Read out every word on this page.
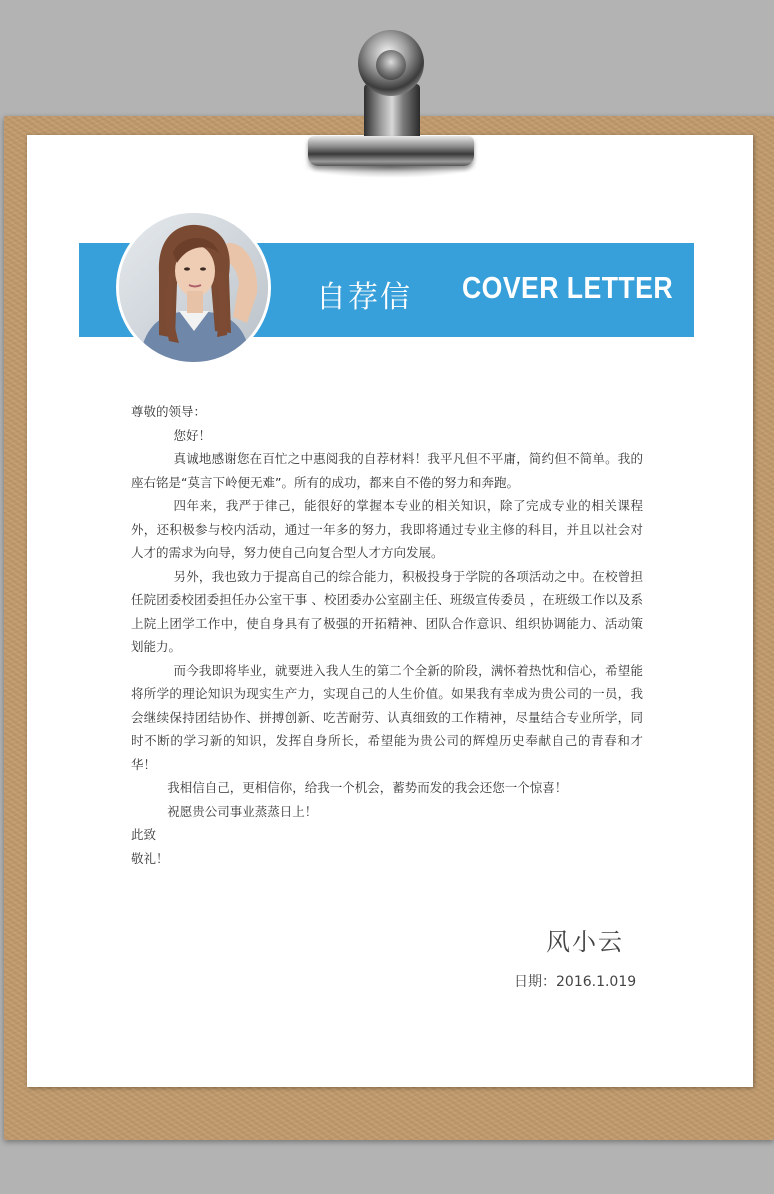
自荐信 COVER LETTER

尊敬的领导：

您好！

真诚地感谢您在百忙之中惠阅我的自荐材料！我平凡但不平庸，简约但不简单。我的座右铭是“莫言下岭便无难”。所有的成功，都来自不倦的努力和奔跑。

四年来，我严于律己，能很好的掌握本专业的相关知识，除了完成专业的相关课程外，还积极参与校内活动，通过一年多的努力，我即将通过专业主修的科目，并且以社会对人才的需求为向导，努力使自己向复合型人才方向发展。

另外，我也致力于提高自己的综合能力，积极投身于学院的各项活动之中。在校曾担任院团委校团委担任办公室干事 、校团委办公室副主任、班级宣传委员 ，在班级工作以及系上院上团学工作中，使自身具有了极强的开拓精神、团队合作意识、组织协调能力、活动策划能力。

而今我即将毕业，就要进入我人生的第二个全新的阶段，满怀着热忱和信心，希望能将所学的理论知识为现实生产力，实现自己的人生价值。如果我有幸成为贵公司的一员，我会继续保持团结协作、拼搏创新、吃苦耐劳、认真细致的工作精神，尽量结合专业所学，同时不断的学习新的知识，发挥自身所长，希望能为贵公司的辉煌历史奉献自己的青春和才华！

我相信自己，更相信你，给我一个机会，蓄势而发的我会还您一个惊喜！

祝愿贵公司事业蒸蒸日上！

此致

敬礼！

风小云
日期：2016.1.019
